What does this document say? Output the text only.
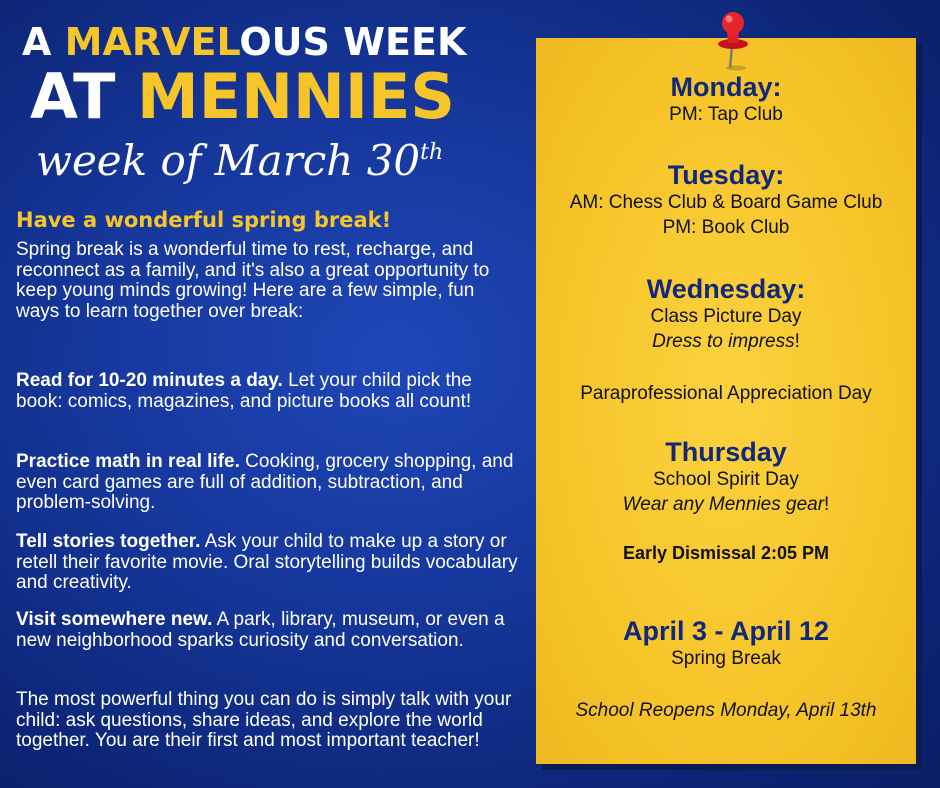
A MARVELOUS WEEK
AT MENNIES
week of March 30th
Have a wonderful spring break!
Spring break is a wonderful time to rest, recharge, and reconnect as a family, and it's also a great opportunity to keep young minds growing! Here are a few simple, fun ways to learn together over break:
Read for 10-20 minutes a day. Let your child pick the book: comics, magazines, and picture books all count!
Practice math in real life. Cooking, grocery shopping, and even card games are full of addition, subtraction, and problem-solving.
Tell stories together. Ask your child to make up a story or retell their favorite movie. Oral storytelling builds vocabulary and creativity.
Visit somewhere new. A park, library, museum, or even a new neighborhood sparks curiosity and conversation.
The most powerful thing you can do is simply talk with your child: ask questions, share ideas, and explore the world together. You are their first and most important teacher!
Monday:
PM: Tap Club
Tuesday:
AM: Chess Club & Board Game Club
PM: Book Club
Wednesday:
Class Picture Day
Dress to impress!
Paraprofessional Appreciation Day
Thursday
School Spirit Day
Wear any Mennies gear!
Early Dismissal 2:05 PM
April 3 - April 12
Spring Break
School Reopens Monday, April 13th
